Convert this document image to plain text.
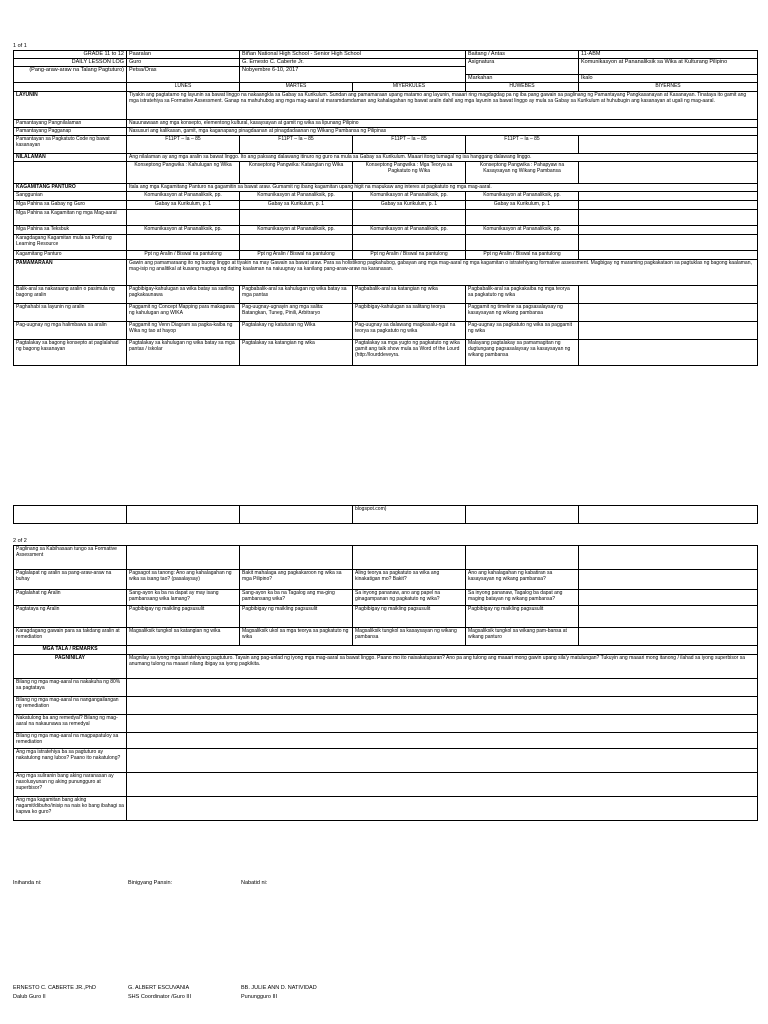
1 of 1
GRADE 11 to 12	Paaralan	Biñan National High School - Senior High School		Baitang / Antas	11-ABM
DAILY LESSON LOG	Guro	G. Ernesto C. Caberte Jr.		Asignatura	Komunikasyon at Pananaliksik sa Wika at Kulturang Pilipino
(Pang-araw-araw na Talang Pagtuturo)	Petsa/Oras	Nobyembre 6-10, 2017			
				Markahan	Ikalo
	LUNES	MARTES	MIYERKULES	HUWEBES	BIYERNES
LAYUNIN	Tiyakin ang pagtatamo ng layunin sa bawat linggo na nakaangkla sa Gabay sa Kurikulum. Sundan ang pamamaraan upang matamo ang layunin, maaari ring magdagdag pa ng iba pang gawain sa paglinang ng Pamantayang Pangkasanayan at Kasanayan. Tinataya ito gamit ang mga istratehiya sa Formative Assessment. Ganap na mahuhubog ang mga mag-aaral at maramdamdaman ang kahalagahan ng bawat aralin dahil ang mga layunin sa bawat linggo ay mula sa Gabay sa Kurikulum at huhubugin ang kasanayan at ugali ng mag-aaral.				
Pamantayang Pangnilalaman	Nauunawaan ang mga konsepto, elementong kultural, kasaysayan at gamit ng wika sa lipunang Pilipino				
Pamantayang Pagganap	Nasusuri ang kalikasan, gamit, mga kaganapang pinagdaanan at pinagdadaanan ng Wikang Pambansa ng Pilipinas				
Pamantayan sa Pagkatuto Code ng bawat kasanayan	F11PT – Ia – 85	F11PT – Ia – 85	F11PT – Ia – 85	F11PT – Ia – 85	
NILALAMAN	Ang nilalaman ay ang mga aralin sa bawat linggo. Ito ang paksang dalawang itinuro ng guro na mula sa Gabay sa Kurikulum. Maaari itong tumagal ng isa hanggang dalawang linggo.				
	Konseptong Pangwika : Kahulugan ng Wika	Konseptong Pangwika: Katangian ng Wika	Konseptong Pangwika : Mga Teorya sa Pagkatuto ng Wika	Konseptong Pangwika : Pahapyaw na Kasaysayan ng Wikang Pambansa	
KAGAMITANG PANTURO	Itala ang mga Kagamitang Panturo na gagamitin sa bawat araw. Gumamit ng ibang kagamitan upang higit na mapukaw ang interes at pagkatuto ng mga mag-aaral.				
Sanggunian	Komunikasyon at Pananaliksik, pp.	Komunikasyon at Pananaliksik, pp.	Komunikasyon at Pananaliksik, pp.	Komunikasyon at Pananaliksik, pp.	
Mga Pahina sa Gabay ng Guro	Gabay sa Kurikulum, p. 1	Gabay sa Kurikulum, p. 1	Gabay sa Kurikulum, p. 1	Gabay sa Kurikulum, p. 1	
Mga Pahina sa Kagamitan ng mga Mag-aaral					
Mga Pahina sa Teksbuk	Komunikasyon at Pananaliksik, pp.	Komunikasyon at Pananaliksik, pp.	Komunikasyon at Pananaliksik, pp.	Komunikasyon at Pananaliksik, pp.	
Karagdagang Kagamitan mula sa Portal ng Learning Resource					
Kagamitang Panturo	Ppt ng Aralin / Biswal na pantulong	Ppt ng Aralin / Biswal na pantulong	Ppt ng Aralin / Biswal na pantulong	Ppt ng Aralin / Biswal na pantulong	
PAMAMARAAN	Gawin ang pamamaraang ito ng buong linggo at tiyakin na may Gawain sa bawat araw. Para sa holistikong pagkahubog, gabayan ang mga mag-aaral ng mga kagamitan o istratehiyang formative assessment. Magbigay ng maraming pagkakataon sa pagtuklas ng bagong kaalaman, mag-isip ng analitikal at kusang magtaya ng dating kaalaman na naiuugnay sa kanilang pang-araw-araw na karanasan.				
Balik-aral sa nakaraang aralin o pasimula ng bagong aralin	Pagbibigay-kahulugan sa wika batay sa sariling pagkakaunawa	Pagbabalik-aral sa kahulugan ng wika batay sa mga pantas	Pagbabalik-aral sa katangian ng wika	Pagbabalik-aral sa pagkakaiba ng mga teorya sa pagkatuto ng wika	
Paghahabi sa layunin ng aralin	Paggamit ng Concept Mapping para makagawa ng kahulugan ang WIKA	Pag-uugnay-ugnayin ang mga salita: Batangkan, Tuneg, Pinili, Arbitraryo	Pagbibigay-kahulugan sa salitang teorya	Paggamit ng timeline sa pagsasalaysay ng kasaysayan ng wikang pambansa	
Pag-uugnay ng mga halimbawa sa aralin	Paggamit ng Venn Diagram sa pagka-kaiba ng Wika ng tao at hayop	Pagtalakay ng katuturan ng Wika	Pag-uugnay sa dalawang magkasalu-ngat na teorya sa pagkatuto ng wika	Pag-uugnay sa pagkatuto ng wika sa paggamit ng wika	
Pagtalakay sa bagong konsepto at paglalahad ng bagong kasanayan	Pagtalakay sa kahulugan ng wika batay sa mga pantas / iskolar	Pagtalakay sa katangian ng wika	Pagtalakay sa mga yugto ng pagkatuto ng wika gamit ang talk show mula sa Word of the Lourd (http://lourddeveyra.	Malayang pagtalakay sa pamamagitan ng dugtungang pagsasalaysay sa kasaysayan ng wikang pambansa	
			blogspot.com)		
2 of 2
Paglinang sa Kabihasaan tungo sa Formative Assessment					
Paglalapat ng aralin sa pang-araw-araw na buhay	Pagsagot sa tanong: Ano ang kahalagahan ng wika sa isang tao? (pasalaysay)	Bakit mahalaga ang pagkakaroon ng wika sa mga Pilipino?	Aling teorya sa pagkatuto sa wika ang kinakatigan mo? Bakit?	Ano ang kahalagahan ng kabatiran sa kasaysayan ng wikang pambansa?	
Paglalahat ng Aralin	Sang-ayon ka ba na dapat ay may isang pambansang wika lamang?	Sang-ayon ka ba na Tagalog ang ma-ging pambansang wika?	Sa inyong pananaw, ano ang papel na ginagampanan ng pagkatuto ng wika?	Sa inyong pananaw, Tagalog ba dapat ang maging batayan ng wikang pambansa?	
Pagtataya ng Aralin	Pagbibigay ng maikling pagsusulit	Pagbibigay ng maikling pagsusulit	Pagbibigay ng maikling pagsusulit	Pagbibigay ng maikling pagsusulit	
Karagdagang gawain para sa takdang aralin at remediation	Magsaliksik tungkol sa katangian ng wika	Magsaliksik ukol sa mga teorya sa pagkatuto ng wika	Magsaliksik tungkol sa kasaysayan ng wikang pambansa	Magsaliksik tungkol sa wikang pam-bansa at wikang panturo	
MGA TALA / REMARKS					
PAGNINILAY	Magnilay sa iyong mga istratehiyang pagtuturo. Tayain ang pag-unlad ng iyong mga mag-aaral sa bawat linggo. Paano mo ito naisakatuparan? Ano pa ang tulong ang maaari mong gawin upang sila'y matulungan? Tukuyin ang maaari mong itanong / ilahad sa iyong superbisor sa anumang tulong na maaari nilang ibigay sa iyong pagkikita.				
Bilang ng mga mag-aaral na nakakuha ng 80% sa pagtataya					
Bilang ng mga mag-aaral na nangangailangan ng remediation					
Nakatulong ba ang remedyal? Bilang ng mag-aaral na nakaunawa sa remedyal					
Bilang ng mga mag-aaral na magpapatuloy sa remediation					
Ang mga istratehiya ba sa pagtuturo ay nakatulong nang lubos? Paano ito nakatulong?					
Ang mga suliranin bang aking naranasan ay nasolusyunan ng aking punungguro at superbisor?					
Ang mga kagamitan bang aking nagamit/dibuho/inisip na nais ko bang ibahagi sa kapwa ko guro?					
Inihanda ni:	Binigyang Pansin:	Nabatid ni:
ERNESTO C. CABERTE JR.,PhD
Dalub Guro II
G. ALBERT ESCUVANIA
SHS Coordinator /Guro III
BB. JULIE ANN D. NATIVIDAD
Punungguro III
